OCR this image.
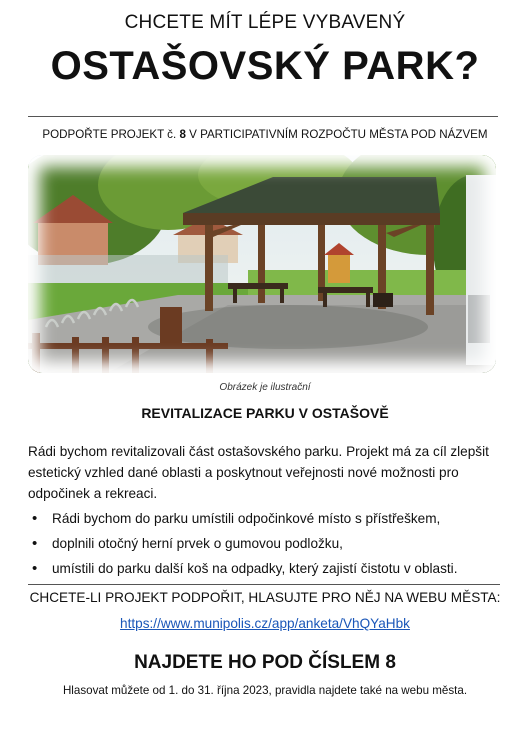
CHCETE MÍT LÉPE VYBAVENÝ
OSTAŠOVSKÝ PARK?
PODPOŘTE PROJEKT č. 8 V PARTICIPATIVNÍM ROZPOČTU MĚSTA POD NÁZVEM
Obrázek je ilustrační
REVITALIZACE PARKU V OSTAŠOVĚ
Rádi bychom revitalizovali část ostašovského parku. Projekt má za cíl zlepšit estetický vzhled dané oblasti a poskytnout veřejnosti nové možnosti pro odpočinek a rekreaci.
• Rádi bychom do parku umístili odpočinkové místo s přístřeškem,
• doplnili otočný herní prvek o gumovou podložku,
• umístili do parku další koš na odpadky, který zajistí čistotu v oblasti.
CHCETE-LI PROJEKT PODPOŘIT, HLASUJTE PRO NĚJ NA WEBU MĚSTA:
https://www.munipolis.cz/app/anketa/VhQYaHbk
NAJDETE HO POD ČÍSLEM 8
Hlasovat můžete od 1. do 31. října 2023, pravidla najdete také na webu města.
